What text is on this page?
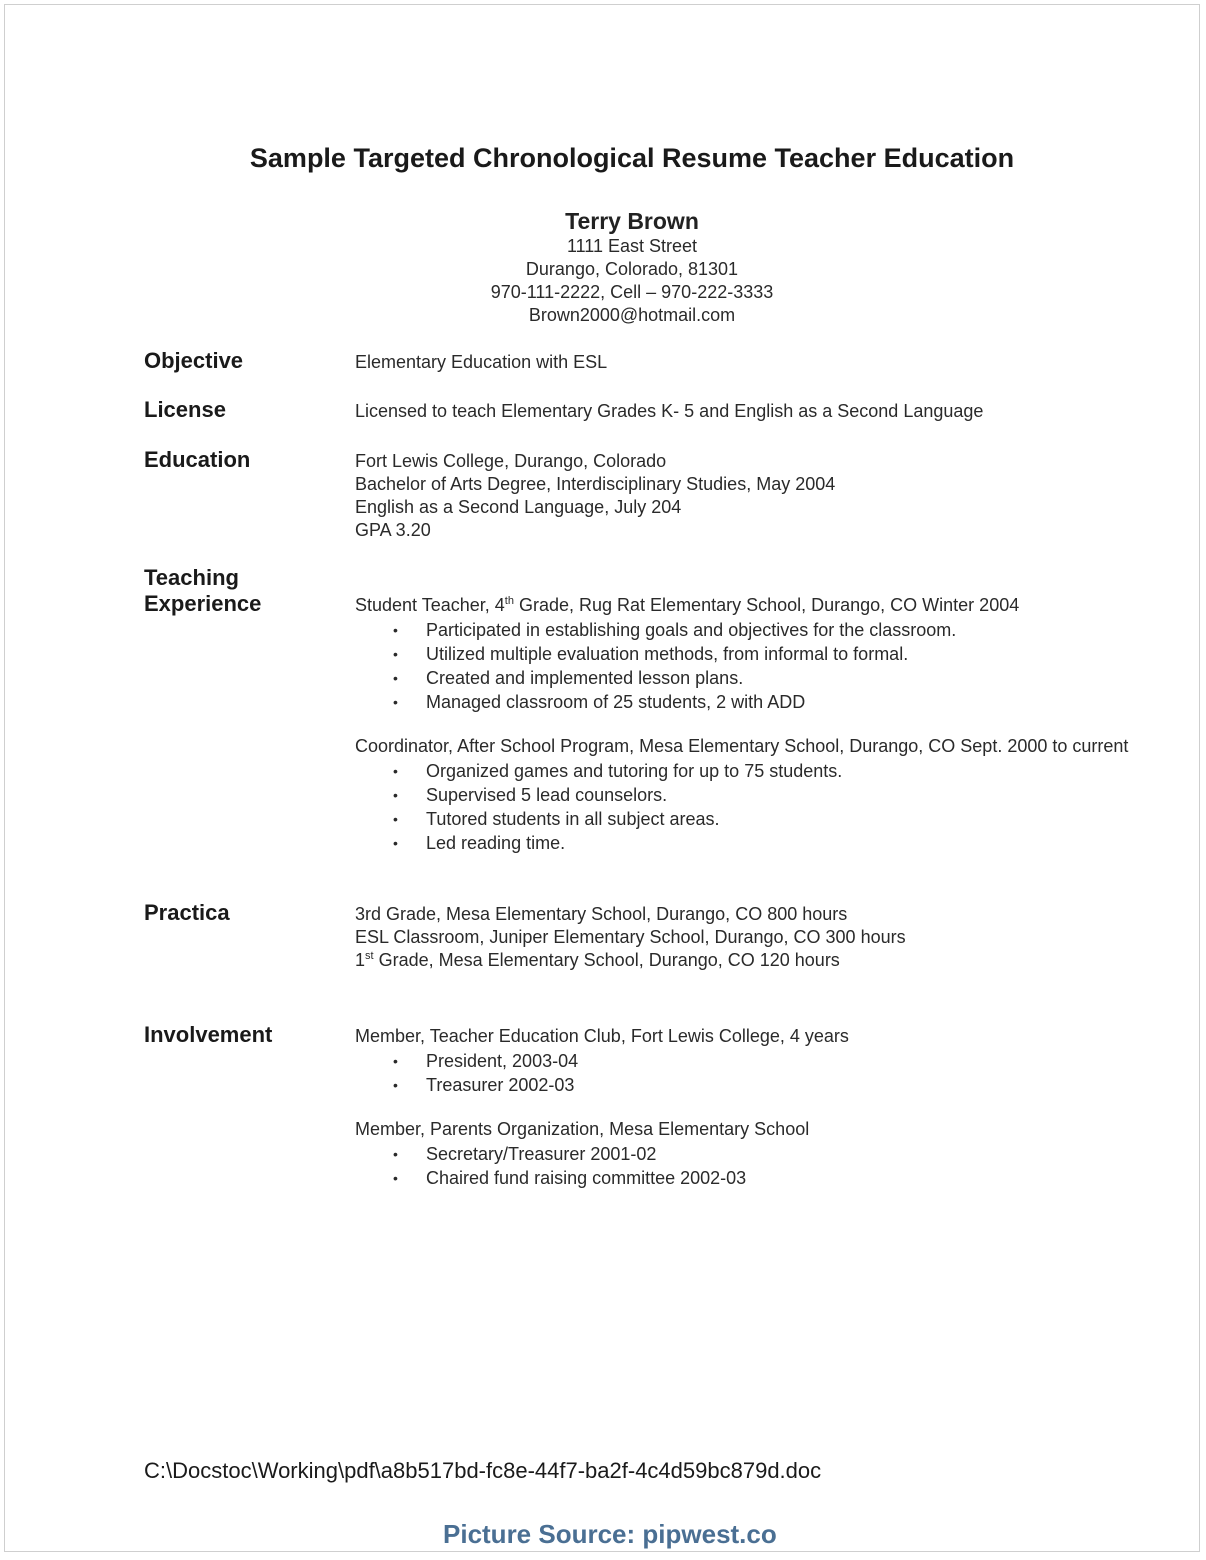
Sample Targeted Chronological Resume Teacher Education
Terry Brown
1111 East Street
Durango, Colorado, 81301
970-111-2222, Cell – 970-222-3333
Brown2000@hotmail.com
Objective	Elementary Education with ESL

License	Licensed to teach Elementary Grades K- 5 and English as a Second Language

Education	Fort Lewis College, Durango, Colorado

Bachelor of Arts Degree, Interdisciplinary Studies, May 2004

English as a Second Language, July 204

GPA 3.20

Teaching
Experience	Student Teacher, 4th Grade, Rug Rat Elementary School, Durango, CO Winter 2004

• Participated in establishing goals and objectives for the classroom.
• Utilized multiple evaluation methods, from informal to formal.
• Created and implemented lesson plans.
• Managed classroom of 25 students, 2 with ADD

Coordinator, After School Program, Mesa Elementary School, Durango, CO Sept. 2000 to current

• Organized games and tutoring for up to 75 students.
• Supervised 5 lead counselors.
• Tutored students in all subject areas.
• Led reading time.
Practica	3rd Grade, Mesa Elementary School, Durango, CO 800 hours

ESL Classroom, Juniper Elementary School, Durango, CO 300 hours

1st Grade, Mesa Elementary School, Durango, CO 120 hours

Involvement	Member, Teacher Education Club, Fort Lewis College, 4 years

• President, 2003-04
• Treasurer 2002-03

Member, Parents Organization, Mesa Elementary School

• Secretary/Treasurer 2001-02
• Chaired fund raising committee 2002-03
C:\Docstoc\Working\pdf\a8b517bd-fc8e-44f7-ba2f-4c4d59bc879d.doc
Picture Source: pipwest.co
